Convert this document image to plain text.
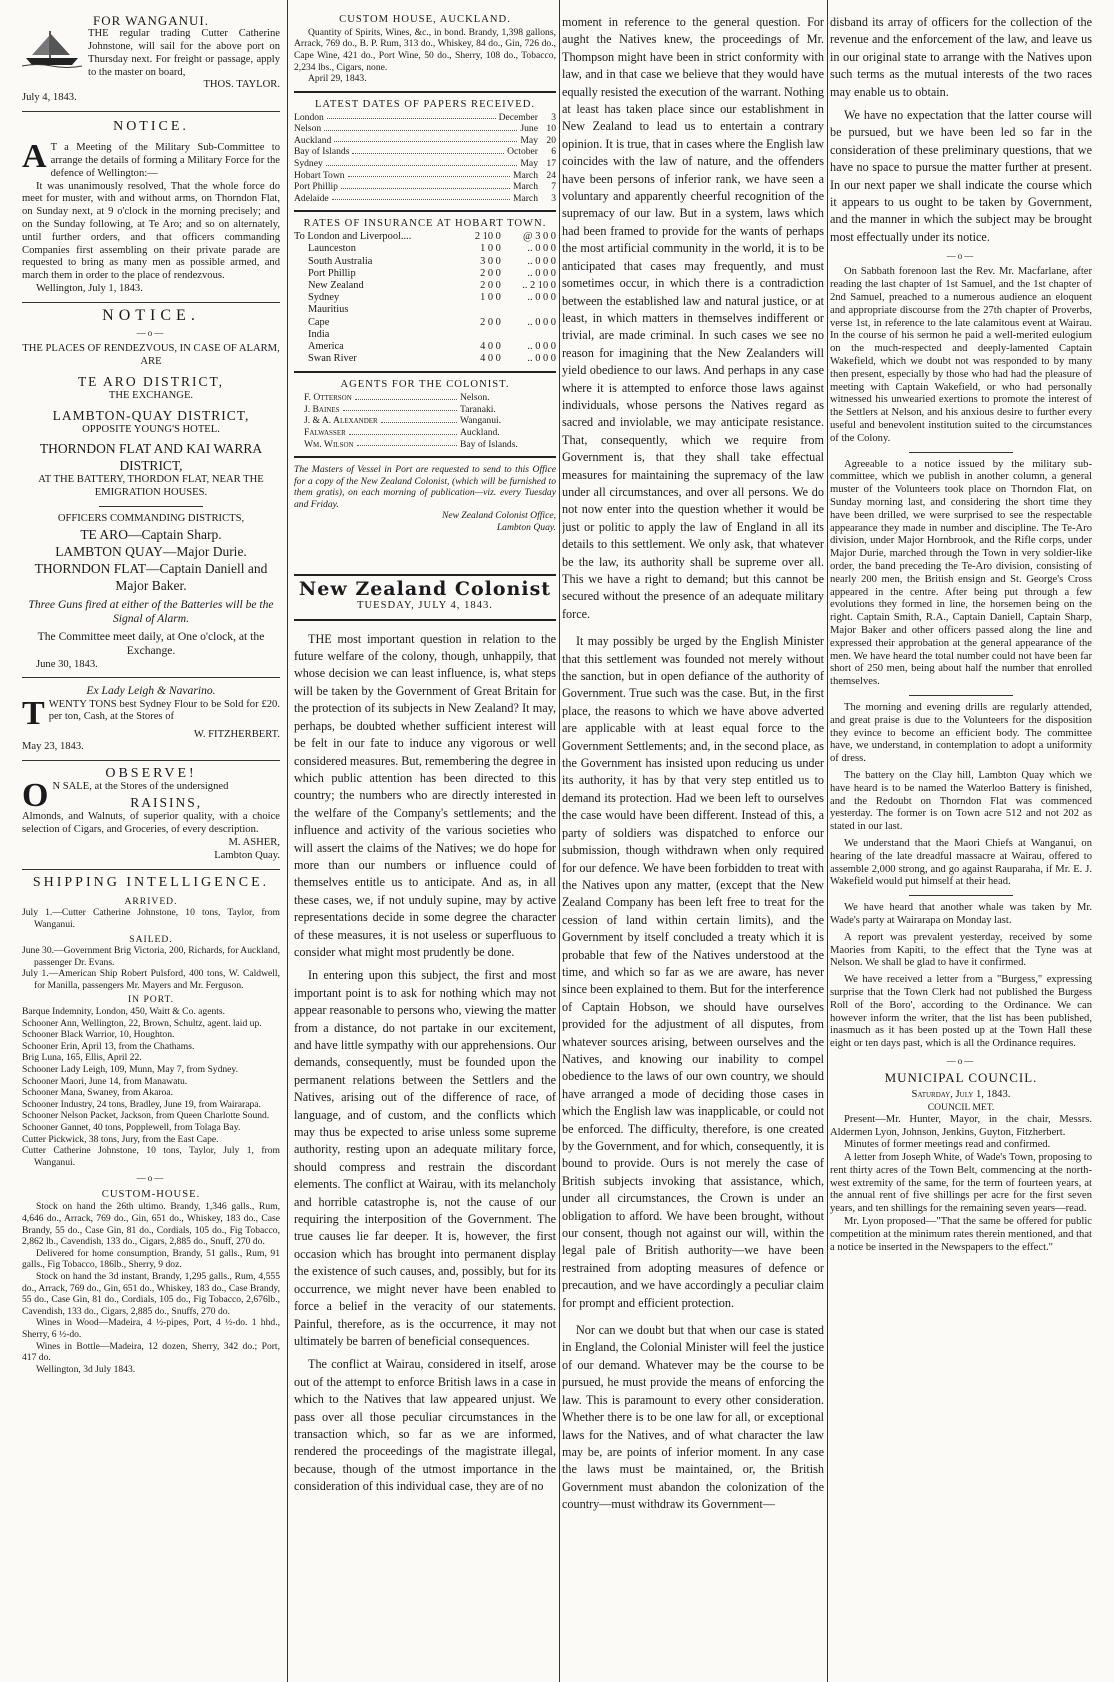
FOR WANGANUI.

THE regular trading Cutter Catherine Johnstone, will sail for the above port on Thursday next. For freight or passage, apply to the master on board,

THOS. TAYLOR.

July 4, 1843.

NOTICE.

A T a Meeting of the Military Sub-Committee to arrange the details of forming a Military Force for the defence of Wellington:—

It was unanimously resolved, That the whole force do meet for muster, with and without arms, on Thorndon Flat, on Sunday next, at 9 o'clock in the morning precisely; and on the Sunday following, at Te Aro; and so on alternately, until further orders, and that officers commanding Companies first assembling on their private parade are requested to bring as many men as possible armed, and march them in order to the place of rendezvous.

Wellington, July 1, 1843.

NOTICE.

—o—

THE PLACES OF RENDEZVOUS, IN CASE OF ALARM, ARE

TE ARO DISTRICT,

THE EXCHANGE.

LAMBTON-QUAY DISTRICT,

OPPOSITE YOUNG'S HOTEL.

THORNDON FLAT AND KAI WARRA DISTRICT,

AT THE BATTERY, THORDON FLAT, NEAR THE EMIGRATION HOUSES.

OFFICERS COMMANDING DISTRICTS,

TE ARO—Captain Sharp.

LAMBTON QUAY—Major Durie.

THORNDON FLAT—Captain Daniell and Major Baker.

Three Guns fired at either of the Batteries will be the Signal of Alarm.

The Committee meet daily, at One o'clock, at the Exchange.

June 30, 1843.

Ex Lady Leigh & Navarino.

TWENTY TONS best Sydney Flour to be Sold for £20. per ton, Cash, at the Stores of

W. FITZHERBERT.

May 23, 1843.

OBSERVE!

O N SALE, at the Stores of the undersigned

RAISINS,

Almonds, and Walnuts, of superior quality, with a choice selection of Cigars, and Groceries, of every description.

M. ASHER,

Lambton Quay.

SHIPPING INTELLIGENCE.

ARRIVED.

July 1.—Cutter Catherine Johnstone, 10 tons, Taylor, from Wanganui.

SAILED.

June 30.—Government Brig Victoria, 200, Richards, for Auckland, passenger Dr. Evans.

July 1.—American Ship Robert Pulsford, 400 tons, W. Caldwell, for Manilla, passengers Mr. Mayers and Mr. Ferguson.

IN PORT.

Barque Indemnity, London, 450, Waitt & Co. agents.

Schooner Ann, Wellington, 22, Brown, Schultz, agent. laid up.

Schooner Black Warrior, 10, Houghton.

Schooner Erin, April 13, from the Chathams.

Brig Luna, 165, Ellis, April 22.

Schooner Lady Leigh, 109, Munn, May 7, from Sydney.

Schooner Maori, June 14, from Manawatu.

Schooner Mana, Swaney, from Akaroa.

Schooner Industry, 24 tons, Bradley, June 19, from Wairarapa.

Schooner Nelson Packet, Jackson, from Queen Charlotte Sound.

Schooner Gannet, 40 tons, Popplewell, from Tolaga Bay.

Cutter Pickwick, 38 tons, Jury, from the East Cape.

Cutter Catherine Johnstone, 10 tons, Taylor, July 1, from Wanganui.

—o—

CUSTOM-HOUSE.

Stock on hand the 26th ultimo. Brandy, 1,346 galls., Rum, 4,646 do., Arrack, 769 do., Gin, 651 do., Whiskey, 183 do., Case Brandy, 55 do., Case Gin, 81 do., Cordials, 105 do., Fig Tobacco, 2,862 lb., Cavendish, 133 do., Cigars, 2,885 do., Snuff, 270 do.

Delivered for home consumption, Brandy, 51 galls., Rum, 91 galls., Fig Tobacco, 186lb., Sherry, 9 doz.

Stock on hand the 3d instant, Brandy, 1,295 galls., Rum, 4,555 do., Arrack, 769 do., Gin, 651 do., Whiskey, 183 do., Case Brandy, 55 do., Case Gin, 81 do., Cordials, 105 do., Fig Tobacco, 2,676lb., Cavendish, 133 do., Cigars, 2,885 do., Snuffs, 270 do.

Wines in Wood—Madeira, 4 ½-pipes, Port, 4 ½-do. 1 hhd., Sherry, 6 ½-do.

Wines in Bottle—Madeira, 12 dozen, Sherry, 342 do.; Port, 417 do.

Wellington, 3d July 1843.

CUSTOM HOUSE, AUCKLAND.

Quantity of Spirits, Wines, &c., in bond. Brandy, 1,398 gallons, Arrack, 769 do., B. P. Rum, 313 do., Whiskey, 84 do., Gin, 726 do., Cape Wine, 421 do., Port Wine, 50 do., Sherry, 108 do., Tobacco, 2,234 lbs., Cigars, none.

April 29, 1843.

LATEST DATES OF PAPERS RECEIVED.

London	December	3
Nelson	June 10
Auckland	May 20
Bay of Islands	October	6
Sydney	May 17
Hobart Town	March 24
Port Phillip	March	7
Adelaide	March	3

RATES OF INSURANCE AT HOBART TOWN.

To London and Liverpool....	2 10 0	@ 3 0 0
Launceston	1 0 0	.. 0 0 0
South Australia	3 0 0	.. 0 0 0
Port Phillip	2 0 0	.. 0 0 0
New Zealand	2 0 0	.. 2 10 0
Sydney	1 0 0	.. 0 0 0
Mauritius		
Cape	2 0 0	.. 0 0 0
India		
America	4 0 0	.. 0 0 0
Swan River	4 0 0	.. 0 0 0

AGENTS FOR THE COLONIST.

F. Otterson	Nelson.
J. Baines	Taranaki.
J. & A. Alexander	Wanganui.
Falwasser	Auckland.
Wm. Wilson	Bay of Islands.

The Masters of Vessel in Port are requested to send to this Office for a copy of the New Zealand Colonist, (which will be furnished to them gratis), on each morning of publication—viz. every Tuesday and Friday.

New Zealand Colonist Office,

Lambton Quay.

New Zealand Colonist

TUESDAY, JULY 4, 1843.

THE most important question in relation to the future welfare of the colony, though, unhappily, that whose decision we can least influence, is, what steps will be taken by the Government of Great Britain for the protection of its subjects in New Zealand? It may, perhaps, be doubted whether sufficient interest will be felt in our fate to induce any vigorous or well considered measures. But, remembering the degree in which public attention has been directed to this country; the numbers who are directly interested in the welfare of the Company's settlements; and the influence and activity of the various societies who will assert the claims of the Natives; we do hope for more than our numbers or influence could of themselves entitle us to anticipate. And as, in all these cases, we, if not unduly supine, may by active representations decide in some degree the character of these measures, it is not useless or superfluous to consider what might most prudently be done.

In entering upon this subject, the first and most important point is to ask for nothing which may not appear reasonable to persons who, viewing the matter from a distance, do not partake in our excitement, and have little sympathy with our apprehensions. Our demands, consequently, must be founded upon the permanent relations between the Settlers and the Natives, arising out of the difference of race, of language, and of custom, and the conflicts which may thus be expected to arise unless some supreme authority, resting upon an adequate military force, should compress and restrain the discordant elements. The conflict at Wairau, with its melancholy and horrible catastrophe is, not the cause of our requiring the interposition of the Government. The true causes lie far deeper. It is, however, the first occasion which has brought into permanent display the existence of such causes, and, possibly, but for its occurrence, we might never have been enabled to force a belief in the veracity of our statements. Painful, therefore, as is the occurrence, it may not ultimately be barren of beneficial consequences.

The conflict at Wairau, considered in itself, arose out of the attempt to enforce British laws in a case in which to the Natives that law appeared unjust. We pass over all those peculiar circumstances in the transaction which, so far as we are informed, rendered the proceedings of the magistrate illegal, because, though of the utmost importance in the consideration of this individual case, they are of no

moment in reference to the general question. For aught the Natives knew, the proceedings of Mr. Thompson might have been in strict conformity with law, and in that case we believe that they would have equally resisted the execution of the warrant. Nothing at least has taken place since our establishment in New Zealand to lead us to entertain a contrary opinion. It is true, that in cases where the English law coincides with the law of nature, and the offenders have been persons of inferior rank, we have seen a voluntary and apparently cheerful recognition of the supremacy of our law. But in a system, laws which had been framed to provide for the wants of perhaps the most artificial community in the world, it is to be anticipated that cases may frequently, and must sometimes occur, in which there is a contradiction between the established law and natural justice, or at least, in which matters in themselves indifferent or trivial, are made criminal. In such cases we see no reason for imagining that the New Zealanders will yield obedience to our laws. And perhaps in any case where it is attempted to enforce those laws against individuals, whose persons the Natives regard as sacred and inviolable, we may anticipate resistance. That, consequently, which we require from Government is, that they shall take effectual measures for maintaining the supremacy of the law under all circumstances, and over all persons. We do not now enter into the question whether it would be just or politic to apply the law of England in all its details to this settlement. We only ask, that whatever be the law, its authority shall be supreme over all. This we have a right to demand; but this cannot be secured without the presence of an adequate military force.

It may possibly be urged by the English Minister that this settlement was founded not merely without the sanction, but in open defiance of the authority of Government. True such was the case. But, in the first place, the reasons to which we have above adverted are applicable with at least equal force to the Government Settlements; and, in the second place, as the Government has insisted upon reducing us under its authority, it has by that very step entitled us to demand its protection. Had we been left to ourselves the case would have been different. Instead of this, a party of soldiers was dispatched to enforce our submission, though withdrawn when only required for our defence. We have been forbidden to treat with the Natives upon any matter, (except that the New Zealand Company has been left free to treat for the cession of land within certain limits), and the Government by itself concluded a treaty which it is probable that few of the Natives understood at the time, and which so far as we are aware, has never since been explained to them. But for the interference of Captain Hobson, we should have ourselves provided for the adjustment of all disputes, from whatever sources arising, between ourselves and the Natives, and knowing our inability to compel obedience to the laws of our own country, we should have arranged a mode of deciding those cases in which the English law was inapplicable, or could not be enforced. The difficulty, therefore, is one created by the Government, and for which, consequently, it is bound to provide. Ours is not merely the case of British subjects invoking that assistance, which, under all circumstances, the Crown is under an obligation to afford. We have been brought, without our consent, though not against our will, within the legal pale of British authority—we have been restrained from adopting measures of defence or precaution, and we have accordingly a peculiar claim for prompt and efficient protection.

Nor can we doubt but that when our case is stated in England, the Colonial Minister will feel the justice of our demand. Whatever may be the course to be pursued, he must provide the means of enforcing the law. This is paramount to every other consideration. Whether there is to be one law for all, or exceptional laws for the Natives, and of what character the law may be, are points of inferior moment. In any case the laws must be maintained, or, the British Government must abandon the colonization of the country—must withdraw its Government—

disband its array of officers for the collection of the revenue and the enforcement of the law, and leave us in our original state to arrange with the Natives upon such terms as the mutual interests of the two races may enable us to obtain.

We have no expectation that the latter course will be pursued, but we have been led so far in the consideration of these preliminary questions, that we have no space to pursue the matter further at present. In our next paper we shall indicate the course which it appears to us ought to be taken by Government, and the manner in which the subject may be brought most effectually under its notice.

—o—

On Sabbath forenoon last the Rev. Mr. Macfarlane, after reading the last chapter of 1st Samuel, and the 1st chapter of 2nd Samuel, preached to a numerous audience an eloquent and appropriate discourse from the 27th chapter of Proverbs, verse 1st, in reference to the late calamitous event at Wairau. In the course of his sermon he paid a well-merited eulogium on the much-respected and deeply-lamented Captain Wakefield, which we doubt not was responded to by many then present, especially by those who had had the pleasure of meeting with Captain Wakefield, or who had personally witnessed his unwearied exertions to promote the interest of the Settlers at Nelson, and his anxious desire to further every useful and benevolent institution suited to the circumstances of the Colony.

Agreeable to a notice issued by the military sub-committee, which we publish in another column, a general muster of the Volunteers took place on Thorndon Flat, on Sunday morning last, and considering the short time they have been drilled, we were surprised to see the respectable appearance they made in number and discipline. The Te-Aro division, under Major Hornbrook, and the Rifle corps, under Major Durie, marched through the Town in very soldier-like order, the band preceding the Te-Aro division, consisting of nearly 200 men, the British ensign and St. George's Cross appeared in the centre. After being put through a few evolutions they formed in line, the horsemen being on the right. Captain Smith, R.A., Captain Daniell, Captain Sharp, Major Baker and other officers passed along the line and expressed their approbation at the general appearance of the men. We have heard the total number could not have been far short of 250 men, being about half the number that enrolled themselves.

The morning and evening drills are regularly attended, and great praise is due to the Volunteers for the disposition they evince to become an efficient body. The committee have, we understand, in contemplation to adopt a uniformity of dress.

The battery on the Clay hill, Lambton Quay which we have heard is to be named the Waterloo Battery is finished, and the Redoubt on Thorndon Flat was commenced yesterday. The former is on Town acre 512 and not 202 as stated in our last.

We understand that the Maori Chiefs at Wanganui, on hearing of the late dreadful massacre at Wairau, offered to assemble 2,000 strong, and go against Rauparaha, if Mr. E. J. Wakefield would put himself at their head.

We have heard that another whale was taken by Mr. Wade's party at Wairarapa on Monday last.

A report was prevalent yesterday, received by some Maories from Kapiti, to the effect that the Tyne was at Nelson. We shall be glad to have it confirmed.

We have received a letter from a "Burgess," expressing surprise that the Town Clerk had not published the Burgess Roll of the Boro', according to the Ordinance. We can however inform the writer, that the list has been published, inasmuch as it has been posted up at the Town Hall these eight or ten days past, which is all the Ordinance requires.

—o—

MUNICIPAL COUNCIL.

Saturday, July 1, 1843.

COUNCIL MET.

Present—Mr. Hunter, Mayor, in the chair, Messrs. Aldermen Lyon, Johnson, Jenkins, Guyton, Fitzherbert.

Minutes of former meetings read and confirmed.

A letter from Joseph White, of Wade's Town, proposing to rent thirty acres of the Town Belt, commencing at the north-west extremity of the same, for the term of fourteen years, at the annual rent of five shillings per acre for the first seven years, and ten shillings for the remaining seven years—read.

Mr. Lyon proposed—"That the same be offered for public competition at the minimum rates therein mentioned, and that a notice be inserted in the Newspapers to the effect."
